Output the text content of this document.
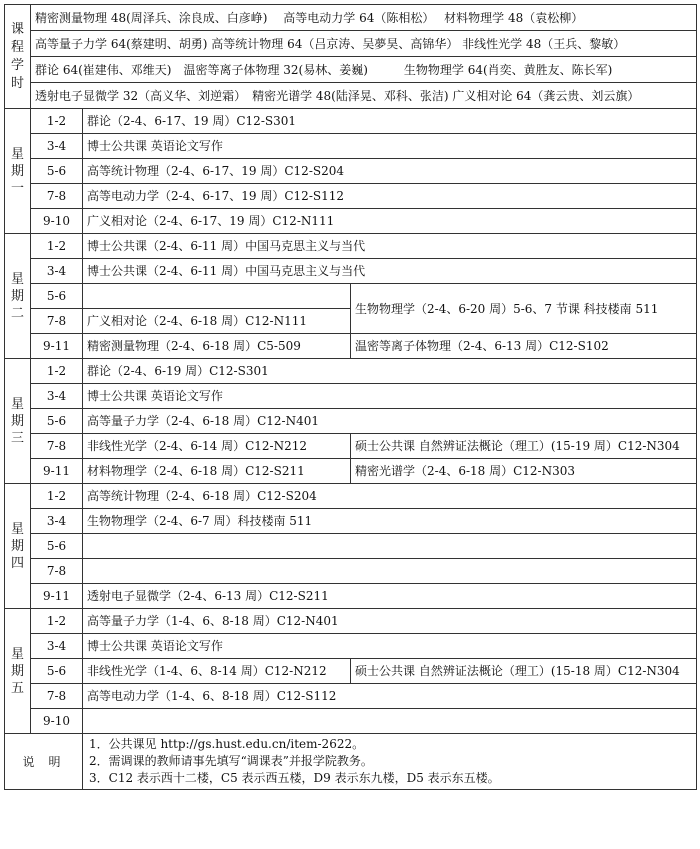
课程学时	精密测量物理 48(周泽兵、涂良成、白彦峥)　 高等电动力学 64（陈相松）　 材料物理学 48（袁松柳）		
	高等量子力学 64(蔡建明、胡勇) 高等统计物理 64（吕京涛、吴夢昊、高锦华） 非线性光学 48（王兵、黎敏）		
	群论 64(崔建伟、邓维天)　温密等离子体物理 32(易林、姜巍)　　　生物物理学 64(肖奕、黄胜友、陈长军)		
	透射电子显微学 32（高义华、刘逆霜）　精密光谱学 48(陆泽晃、邓科、张洁) 广义相对论 64（龚云贵、刘云旗）		
星期一	1-2	群论（2-4、6-17、19 周）C12-S301	
	3-4	博士公共课 英语论文写作	
	5-6	高等统计物理（2-4、6-17、19 周）C12-S204	
	7-8	高等电动力学（2-4、6-17、19 周）C12-S112	
	9-10	广义相对论（2-4、6-17、19 周）C12-N111	
星期二	1-2	博士公共课（2-4、6-11 周）中国马克思主义与当代	
	3-4	博士公共课（2-4、6-11 周）中国马克思主义与当代	
	5-6		生物物理学（2-4、6-20 周）5-6、7 节课 科技楼南 511
	7-8	广义相对论（2-4、6-18 周）C12-N111	
	9-11	精密测量物理（2-4、6-18 周）C5-509	温密等离子体物理（2-4、6-13 周）C12-S102
星期三	1-2	群论（2-4、6-19 周）C12-S301	
	3-4	博士公共课 英语论文写作	
	5-6	高等量子力学（2-4、6-18 周）C12-N401	
	7-8	非线性光学（2-4、6-14 周）C12-N212	硕士公共课 自然辨证法概论（理工）(15-19 周）C12-N304
	9-11	材料物理学（2-4、6-18 周）C12-S211	精密光谱学（2-4、6-18 周）C12-N303
星期四	1-2	高等统计物理（2-4、6-18 周）C12-S204	
	3-4	生物物理学（2-4、6-7 周）科技楼南 511	
	5-6		
	7-8		
	9-11	透射电子显微学（2-4、6-13 周）C12-S211	
星期五	1-2	高等量子力学（1-4、6、8-18 周）C12-N401	
	3-4	博士公共课 英语论文写作	
	5-6	非线性光学（1-4、6、8-14 周）C12-N212	硕士公共课 自然辨证法概论（理工）(15-18 周）C12-N304
	7-8	高等电动力学（1-4、6、8-18 周）C12-S112	
	9-10		
说明		1．公共课见 http://gs.hust.edu.cn/item-2622。
2．需调课的教师请事先填写“调课表”并报学院教务。
3．C12 表示西十二楼，C5 表示西五楼，D9 表示东九楼，D5 表示东五楼。	
